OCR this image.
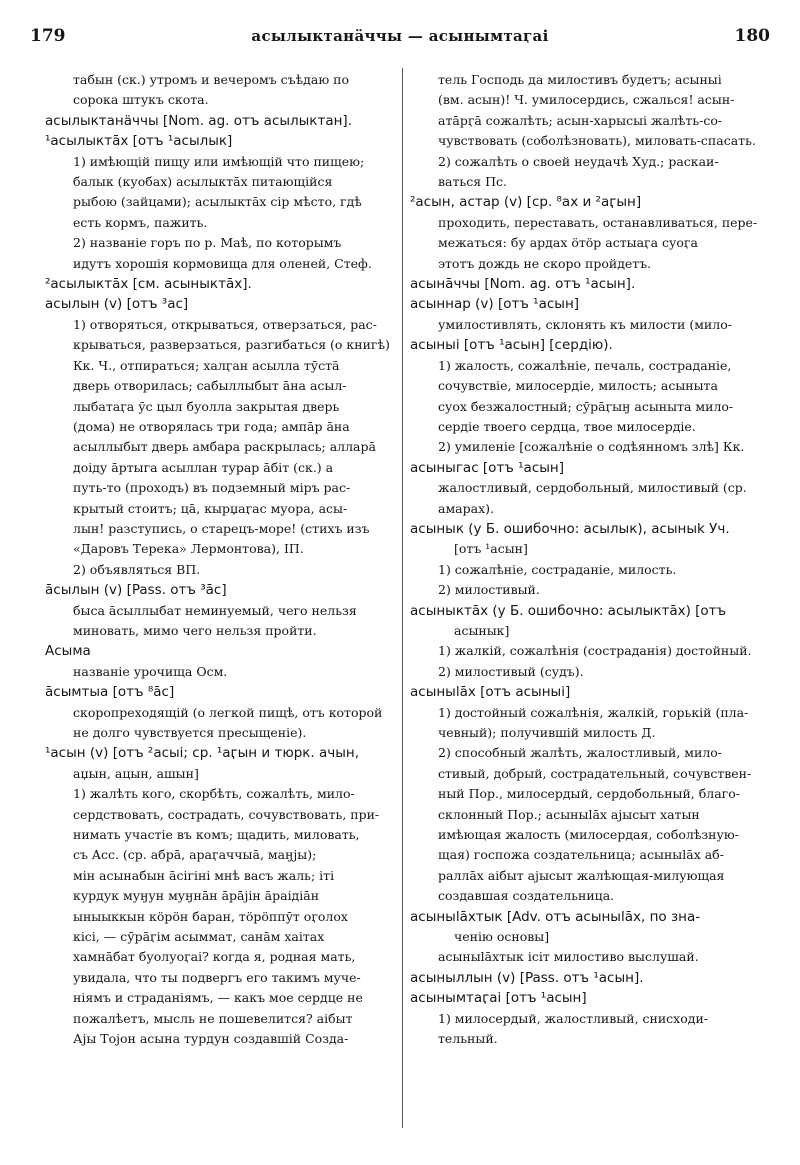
179	асылыктанäччы — асынымтаӷаі	180
табын (ск.) утромъ и вечеромъ съѣдаю по
сорока штукъ скота.
асылыктанäччы [Nom. ag. отъ асылыктан].
¹асылыктāх [отъ ¹асылык]
1) имѣющій пищу или имѣющій что пищею;
балык (куобах) асылыктāх питающійся
рыбою (зайцами); асылыктāх сір мѣсто, гдѣ
есть кормъ, пажить.
2) названіе горъ по р. Маѣ, по которымъ
идутъ хорошія кормовища для оленей, Стеф.
²асылыктāх [см. асыныктāх].
асылын (v) [отъ ³ас]
1) отворяться, открываться, отверзаться, рас-
крываться, разверзаться, разгибаться (о книгѣ)
Кк. Ч., отпираться; халӷан асылла тӯстā
дверь отворилась; сабыллыбыт āна асыл-
лыбатаӷа ӯс цыл буолла закрытая дверь
(дома) не отворялась три года; ампāр āна
асыллыбыт дверь амбара раскрылась; алларā
доіду āртыга асыллан турар āбіт (ск.) а
путь-то (проходъ) въ подземный міръ рас-
крытый стоитъ; цā, кырџаӷас муора, асы-
лын! разступись, о старецъ-море! (стихъ изъ
«Даровъ Терека» Лермонтова), ІП.
2) объявляться ВП.
āсылын (v) [Pass. отъ ³āс]
быса āсыллыбат неминуемый, чего нельзя
миновать, мимо чего нельзя пройти.
Асыма
названіе урочища Осм.
āсымтыа [отъ ⁸āс]
скоропреходящій (о легкой пищѣ, отъ которой
не долго чувствуется пресыщеніе).
¹асын (v) [отъ ²асыі; ср. ¹аӷын и тюрк. ачын,
аџын, ацын, ашын]
1) жалѣть кого, скорбѣть, сожалѣть, мило-
сердствовать, сострадать, сочувствовать, при-
нимать участіе въ комъ; щадить, миловать,
съ Acc. (ср. абрā, араӷаччыā, маӈjы);
мін асынабын āсігіні мнѣ васъ жаль; іті
курдук муӈун муӈнāн āрāјін āраідіāн
ыныыккын кöрöн баран, тöрöппӯт оӷолох
кісі, — сӯрāӷім асыммат, санāм хаітах
хамнāбат буолуоӷаі? когда я, родная мать,
увидала, что ты подвергъ его такимъ муче-
ніямъ и страданіямъ, — какъ мое сердце не
пожалѣетъ, мысль не пошевелится? аібыт
Аjы Тоjон асына турдун создавшій Созда-
тель Господь да милостивъ будетъ; асыныі
(вм. асын)! Ч. умилосердись, сжалься! асын-
атāрӷā сожалѣть; асын-харысыі жалѣть-со-
чувствовать (соболѣзновать), миловать-спасать.
2) сожалѣть о своей неудачѣ Худ.; раскаи-
ваться Пс.
²асын, астар (v) [ср. ⁸ах и ²аӷын]
проходить, переставать, останавливаться, пере-
межаться: бу ардах öтöр астыаӷа суоӷа
этотъ дождь не скоро пройдетъ.
асынāччы [Nom. ag. отъ ¹асын].
асыннар (v) [отъ ¹асын]
умилостивлять, склонять къ милости (мило-
асыныі [отъ ¹асын] [сердію).
1) жалость, сожалѣніе, печаль, состраданіе,
сочувствіе, милосердіе, милость; асыныта
суох безжалостный; сӯрāӷыӈ асыныта мило-
сердіе твоего сердца, твое милосердіе.
2) умиленіе [сожалѣніе о содѣянномъ злѣ] Кк.
асыныгас [отъ ¹асын]
жалостливый, сердобольный, милостивый (ср.
амарах).
асынык (у Б. ошибочно: асылык), асыныk Уч.
[отъ ¹асын]
1) сожалѣніе, состраданіе, милость.
2) милостивый.
асыныктāх (у Б. ошибочно: асылыктāх) [отъ
асынык]
1) жалкій, сожалѣнія (состраданія) достойный.
2) милостивый (судъ).
асыныlāх [отъ асыныі]
1) достойный сожалѣнія, жалкій, горькій (пла-
чевный); получившій милость Д.
2) способный жалѣть, жалостливый, мило-
стивый, добрый, сострадательный, сочувствен-
ный Пор., милосердый, сердобольный, благо-
склонный Пор.; асыныlāх аjысыт хатын
имѣющая жалость (милосердая, соболѣзную-
щая) госпожа создательница; асыныlāх аб-
раллāх аібыт аjысыт жалѣющая-милующая
создавшая создательница.
асыныlāхтык [Adv. отъ асыныlāх, по зна-
ченію основы]
асыныlāхтык ісіт милостиво выслушай.
асыныллын (v) [Pass. отъ ¹асын].
асынымтаӷаі [отъ ¹асын]
1) милосердый, жалостливый, снисходи-
тельный.
